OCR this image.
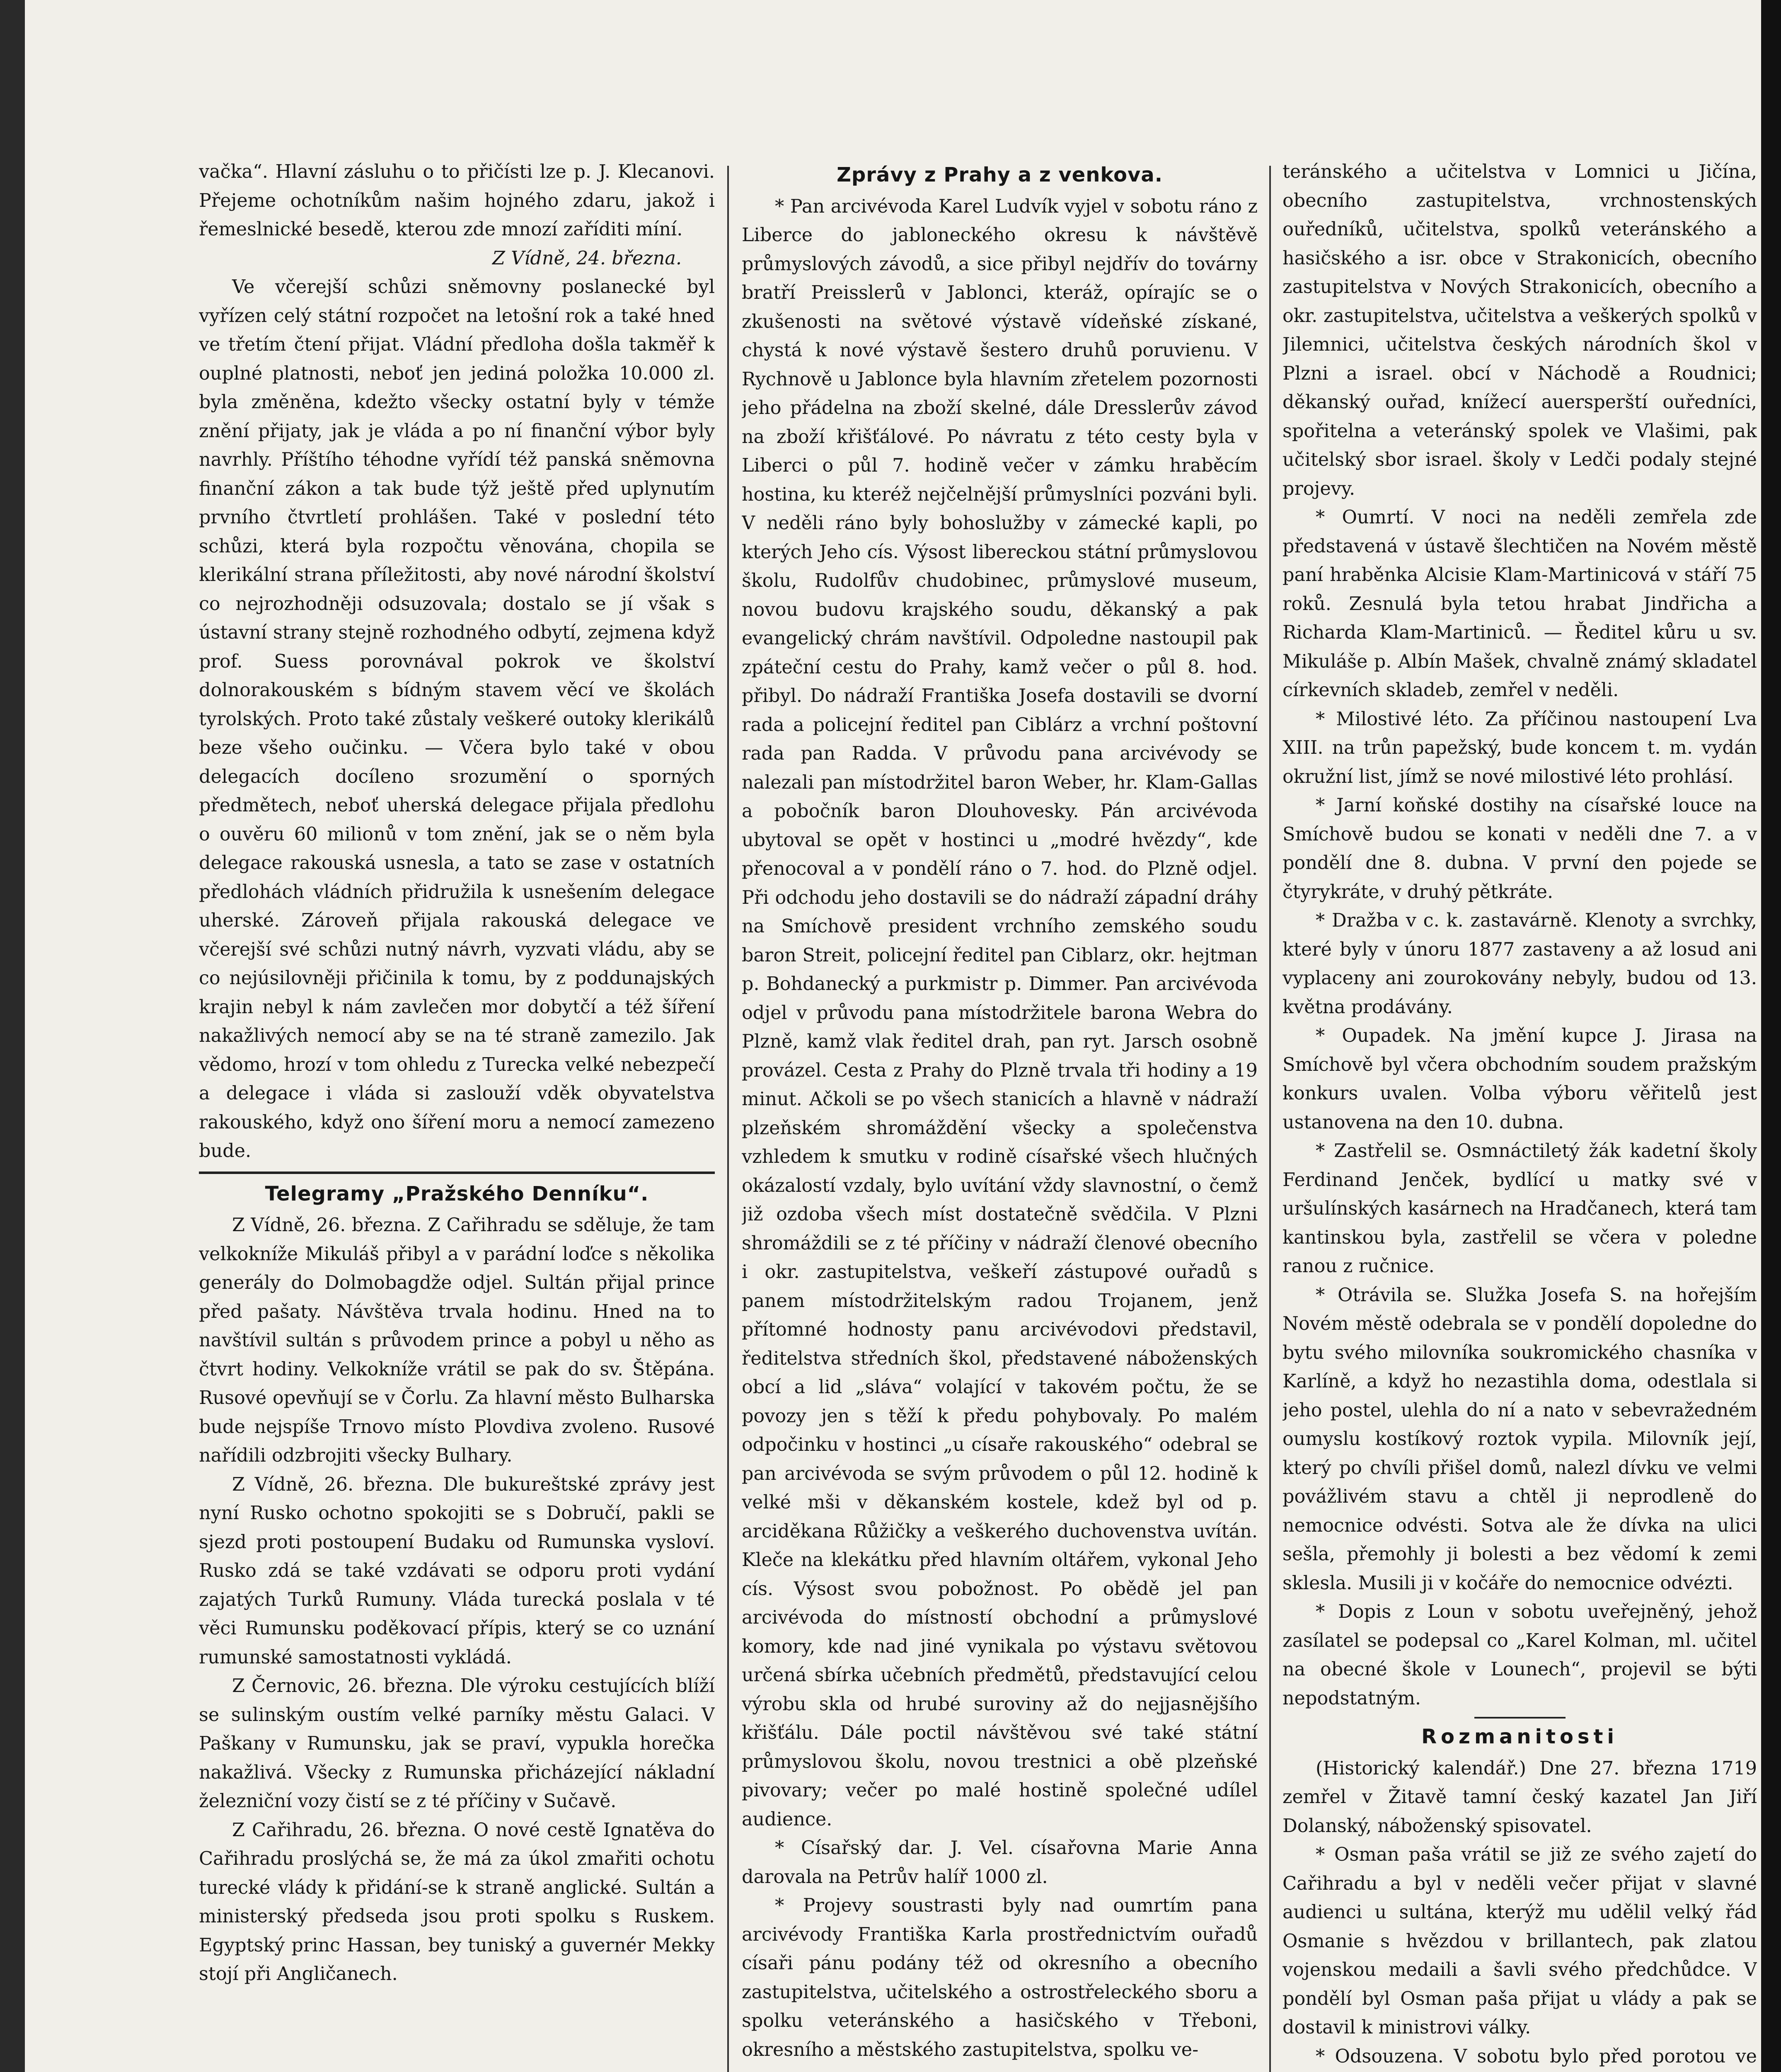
vačka“. Hlavní zásluhu o to přičísti lze p. J. Klecanovi. Přejeme ochotníkům našim hojného zdaru, jakož i řemeslnické besedě, kterou zde mnozí zaříditi míní.

Z Vídně, 24. března.

Ve včerejší schůzi sněmovny poslanecké byl vyřízen celý státní rozpočet na letošní rok a také hned ve třetím čtení přijat. Vládní předloha došla takměř k ouplné platnosti, neboť jen jediná položka 10.000 zl. byla změněna, kdežto všecky ostatní byly v témže znění přijaty, jak je vláda a po ní finanční výbor byly navrhly. Příštího téhodne vyřídí též panská sněmovna finanční zákon a tak bude týž ještě před uplynutím prvního čtvrtletí prohlášen. Také v poslední této schůzi, která byla rozpočtu věnována, chopila se klerikální strana příležitosti, aby nové národní školství co nejrozhodněji odsuzovala; dostalo se jí však s ústavní strany stejně rozhodného odbytí, zejmena když prof. Suess porovnával pokrok ve školství dolnorakouském s bídným stavem věcí ve školách tyrolských. Proto také zůstaly veškeré outoky klerikálů beze všeho oučinku. — Včera bylo také v obou delegacích docíleno srozumění o sporných předmětech, neboť uherská delegace přijala předlohu o ouvěru 60 milionů v tom znění, jak se o něm byla delegace rakouská usnesla, a tato se zase v ostatních předlohách vládních přidružila k usnešením delegace uherské. Zároveň přijala rakouská delegace ve včerejší své schůzi nutný návrh, vyzvati vládu, aby se co nejúsilovněji přičinila k tomu, by z poddunajských krajin nebyl k nám zavlečen mor dobytčí a též šíření nakažlivých nemocí aby se na té straně zamezilo. Jak vědomo, hrozí v tom ohledu z Turecka velké nebezpečí a delegace i vláda si zaslouží vděk obyvatelstva rakouského, když ono šíření moru a nemocí zamezeno bude.

Telegramy „Pražského Denníku“.

Z Vídně, 26. března. Z Cařihradu se sděluje, že tam velkokníže Mikuláš přibyl a v parádní loďce s několika generály do Dolmobagdže odjel. Sultán přijal prince před pašaty. Návštěva trvala hodinu. Hned na to navštívil sultán s průvodem prince a pobyl u něho as čtvrt hodiny. Velkokníže vrátil se pak do sv. Štěpána. Rusové opevňují se v Čorlu. Za hlavní město Bulharska bude nejspíše Trnovo místo Plovdiva zvoleno. Rusové nařídili odzbrojiti všecky Bulhary.

Z Vídně, 26. března. Dle bukureštské zprávy jest nyní Rusko ochotno spokojiti se s Dobručí, pakli se sjezd proti postoupení Budaku od Rumunska vysloví. Rusko zdá se také vzdávati se odporu proti vydání zajatých Turků Rumuny. Vláda turecká poslala v té věci Rumunsku poděkovací přípis, který se co uznání rumunské samostatnosti vykládá.

Z Černovic, 26. března. Dle výroku cestujících blíží se sulinským oustím velké parníky městu Galaci. V Paškany v Rumunsku, jak se praví, vypukla horečka nakažlivá. Všecky z Rumunska přicházející nákladní železniční vozy čistí se z té příčiny v Sučavě.

Z Cařihradu, 26. března. O nové cestě Ignatěva do Cařihradu proslýchá se, že má za úkol zmařiti ochotu turecké vlády k přidání-se k straně anglické. Sultán a ministerský předseda jsou proti spolku s Ruskem. Egyptský princ Hassan, bey tuniský a guvernér Mekky stojí při Angličanech.

Zprávy z Prahy a z venkova.

* Pan arcivévoda Karel Ludvík vyjel v sobotu ráno z Liberce do jabloneckého okresu k návštěvě průmyslových závodů, a sice přibyl nejdřív do továrny bratří Preisslerů v Jablonci, kteráž, opírajíc se o zkušenosti na světové výstavě vídeňské získané, chystá k nové výstavě šestero druhů poruvienu. V Rychnově u Jablonce byla hlavním zřetelem pozornosti jeho přádelna na zboží skelné, dále Dresslerův závod na zboží křišťálové. Po návratu z této cesty byla v Liberci o půl 7. hodině večer v zámku hraběcím hostina, ku kteréž nejčelnější průmyslníci pozváni byli. V neděli ráno byly bohoslužby v zámecké kapli, po kterých Jeho cís. Výsost libereckou státní průmyslovou školu, Rudolfův chudobinec, průmyslové museum, novou budovu krajského soudu, děkanský a pak evangelický chrám navštívil. Odpoledne nastoupil pak zpáteční cestu do Prahy, kamž večer o půl 8. hod. přibyl. Do nádraží Františka Josefa dostavili se dvorní rada a policejní ředitel pan Ciblárz a vrchní poštovní rada pan Radda. V průvodu pana arcivévody se nalezali pan místodržitel baron Weber, hr. Klam-Gallas a pobočník baron Dlouhovesky. Pán arcivévoda ubytoval se opět v hostinci u „modré hvězdy“, kde přenocoval a v pondělí ráno o 7. hod. do Plzně odjel. Při odchodu jeho dostavili se do nádraží západní dráhy na Smíchově president vrchního zemského soudu baron Streit, policejní ředitel pan Ciblarz, okr. hejtman p. Bohdanecký a purkmistr p. Dimmer. Pan arcivévoda odjel v průvodu pana místodržitele barona Webra do Plzně, kamž vlak ředitel drah, pan ryt. Jarsch osobně provázel. Cesta z Prahy do Plzně trvala tři hodiny a 19 minut. Ačkoli se po všech stanicích a hlavně v nádraží plzeňském shromáždění všecky a společenstva vzhledem k smutku v rodině císařské všech hlučných okázalostí vzdaly, bylo uvítání vždy slavnostní, o čemž již ozdoba všech míst dostatečně svědčila. V Plzni shromáždili se z té příčiny v nádraží členové obecního i okr. zastupitelstva, veškeří zástupové ouřadů s panem místodržitelským radou Trojanem, jenž přítomné hodnosty panu arcivévodovi představil, ředitelstva středních škol, představené náboženských obcí a lid „sláva“ volající v takovém počtu, že se povozy jen s těží k předu pohybovaly. Po malém odpočinku v hostinci „u císaře rakouského“ odebral se pan arcivévoda se svým průvodem o půl 12. hodině k velké mši v děkanském kostele, kdež byl od p. arciděkana Růžičky a veškerého duchovenstva uvítán. Kleče na klekátku před hlavním oltářem, vykonal Jeho cís. Výsost svou pobožnost. Po obědě jel pan arcivévoda do místností obchodní a průmyslové komory, kde nad jiné vynikala po výstavu světovou určená sbírka učebních předmětů, představující celou výrobu skla od hrubé suroviny až do nejjasnějšího křišťálu. Dále poctil návštěvou své také státní průmyslovou školu, novou trestnici a obě plzeňské pivovary; večer po malé hostině společné udílel audience.

* Císařský dar. J. Vel. císařovna Marie Anna darovala na Petrův halíř 1000 zl.

* Projevy soustrasti byly nad oumrtím pana arcivévody Františka Karla prostřednictvím ouřadů císaři pánu podány též od okresního a obecního zastupitelstva, učitelského a ostrostřeleckého sboru a spolku veteránského a hasičského v Třeboni, okresního a městského zastupitelstva, spolku ve-

teránského a učitelstva v Lomnici u Jičína, obecního zastupitelstva, vrchnostenských ouředníků, učitelstva, spolků veteránského a hasičského a isr. obce v Strakonicích, obecního zastupitelstva v Nových Strakonicích, obecního a okr. zastupitelstva, učitelstva a veškerých spolků v Jilemnici, učitelstva českých národních škol v Plzni a israel. obcí v Náchodě a Roudnici; děkanský ouřad, knížecí auersperští ouředníci, spořitelna a veteránský spolek ve Vlašimi, pak učitelský sbor israel. školy v Ledči podaly stejné projevy.

* Oumrtí. V noci na neděli zemřela zde představená v ústavě šlechtičen na Novém městě paní hraběnka Alcisie Klam-Martinicová v stáří 75 roků. Zesnulá byla tetou hrabat Jindřicha a Richarda Klam-Martiniců. — Ředitel kůru u sv. Mikuláše p. Albín Mašek, chvalně známý skladatel církevních skladeb, zemřel v neděli.

* Milostivé léto. Za příčinou nastoupení Lva XIII. na trůn papežský, bude koncem t. m. vydán okružní list, jímž se nové milostivé léto prohlásí.

* Jarní koňské dostihy na císařské louce na Smíchově budou se konati v neděli dne 7. a v pondělí dne 8. dubna. V první den pojede se čtyrykráte, v druhý pětkráte.

* Dražba v c. k. zastavárně. Klenoty a svrchky, které byly v únoru 1877 zastaveny a až losud ani vyplaceny ani zourokovány nebyly, budou od 13. května prodávány.

* Oupadek. Na jmění kupce J. Jirasa na Smíchově byl včera obchodním soudem pražským konkurs uvalen. Volba výboru věřitelů jest ustanovena na den 10. dubna.

* Zastřelil se. Osmnáctiletý žák kadetní školy Ferdinand Jenček, bydlící u matky své v uršulínských kasárnech na Hradčanech, která tam kantinskou byla, zastřelil se včera v poledne ranou z ručnice.

* Otrávila se. Služka Josefa S. na hořejším Novém městě odebrala se v pondělí dopoledne do bytu svého milovníka soukromického chasníka v Karlíně, a když ho nezastihla doma, odestlala si jeho postel, ulehla do ní a nato v sebevražedném oumyslu kostíkový roztok vypila. Milovník její, který po chvíli přišel domů, nalezl dívku ve velmi povážlivém stavu a chtěl ji neprodleně do nemocnice odvésti. Sotva ale že dívka na ulici sešla, přemohly ji bolesti a bez vědomí k zemi sklesla. Musili ji v kočáře do nemocnice odvézti.

* Dopis z Loun v sobotu uveřejněný, jehož zasílatel se podepsal co „Karel Kolman, ml. učitel na obecné škole v Lounech“, projevil se býti nepodstatným.

Rozmanitosti

(Historický kalendář.) Dne 27. března 1719 zemřel v Žitavě tamní český kazatel Jan Jiří Dolanský, náboženský spisovatel.

* Osman paša vrátil se již ze svého zajetí do Cařihradu a byl v neděli večer přijat v slavné audienci u sultána, kterýž mu udělil velký řád Osmanie s hvězdou v brillantech, pak zlatou vojenskou medaili a šavli svého předchůdce. V pondělí byl Osman paša přijat u vlády a pak se dostavil k ministrovi války.

* Odsouzena. V sobotu bylo před porotou ve
